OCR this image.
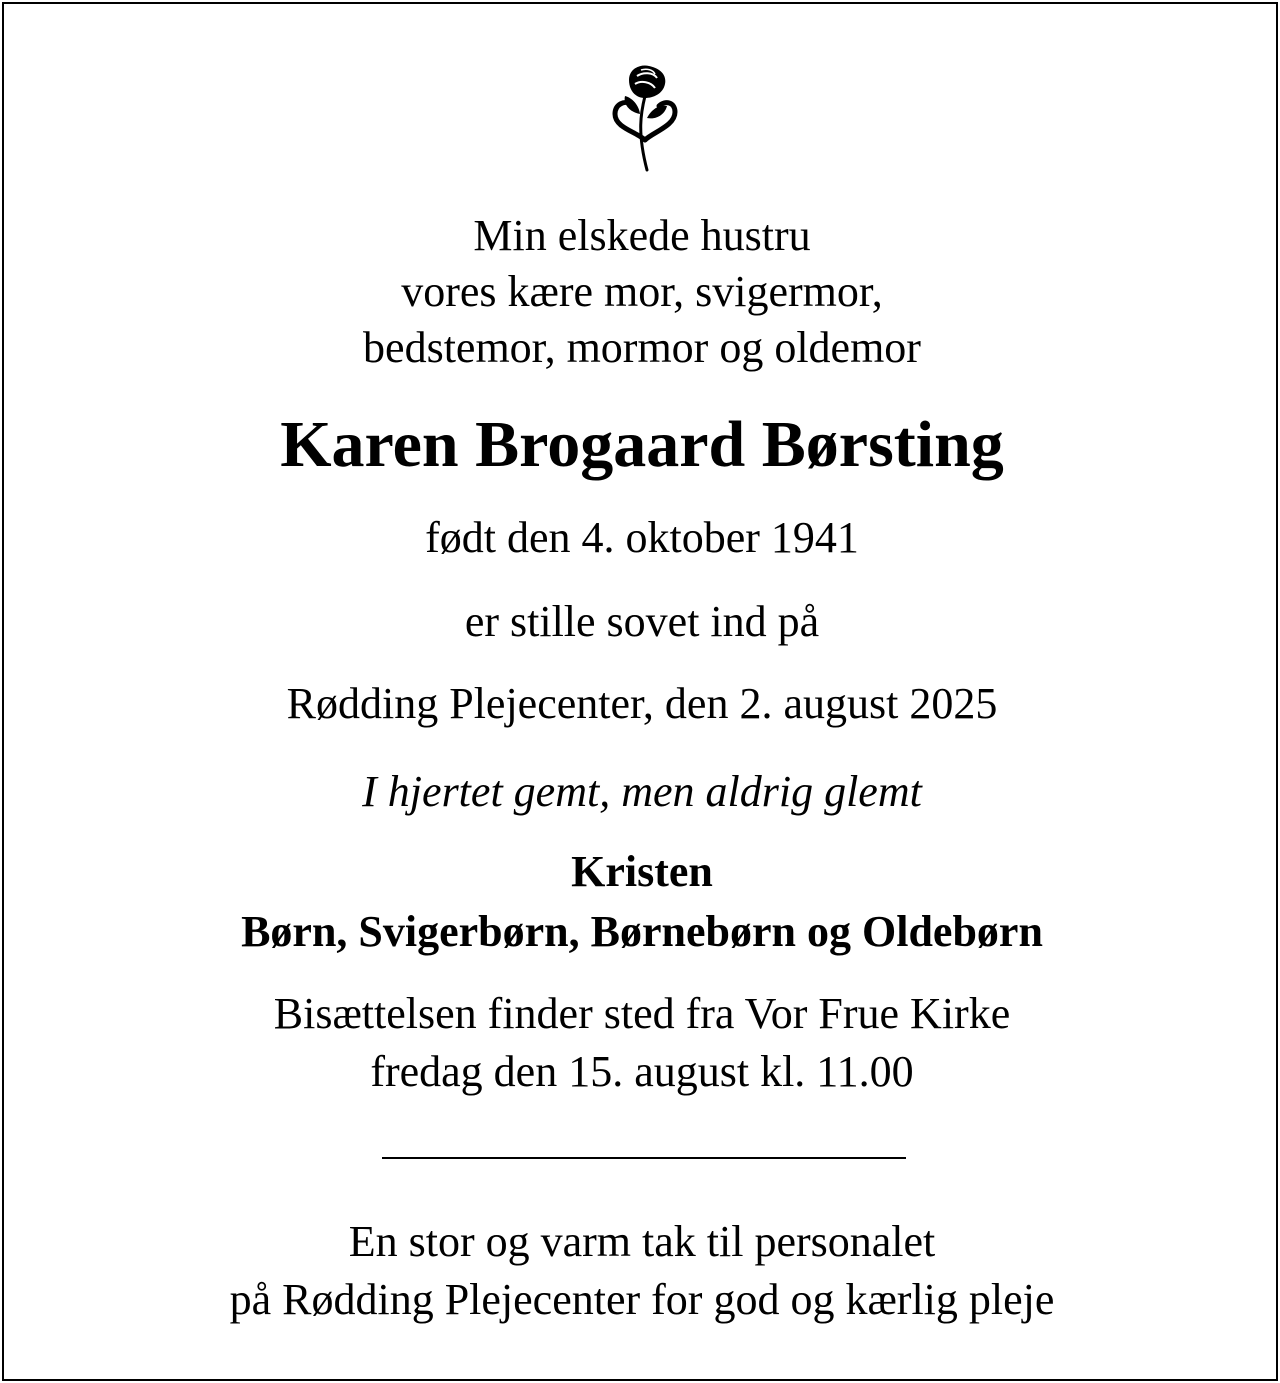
Min elskede hustru
vores kære mor, svigermor,
bedstemor, mormor og oldemor
Karen Brogaard Børsting
født den 4. oktober 1941
er stille sovet ind på
Rødding Plejecenter, den 2. august 2025
I hjertet gemt, men aldrig glemt
Kristen
Børn, Svigerbørn, Børnebørn og Oldebørn
Bisættelsen finder sted fra Vor Frue Kirke
fredag den 15. august kl. 11.00
En stor og varm tak til personalet
på Rødding Plejecenter for god og kærlig pleje
